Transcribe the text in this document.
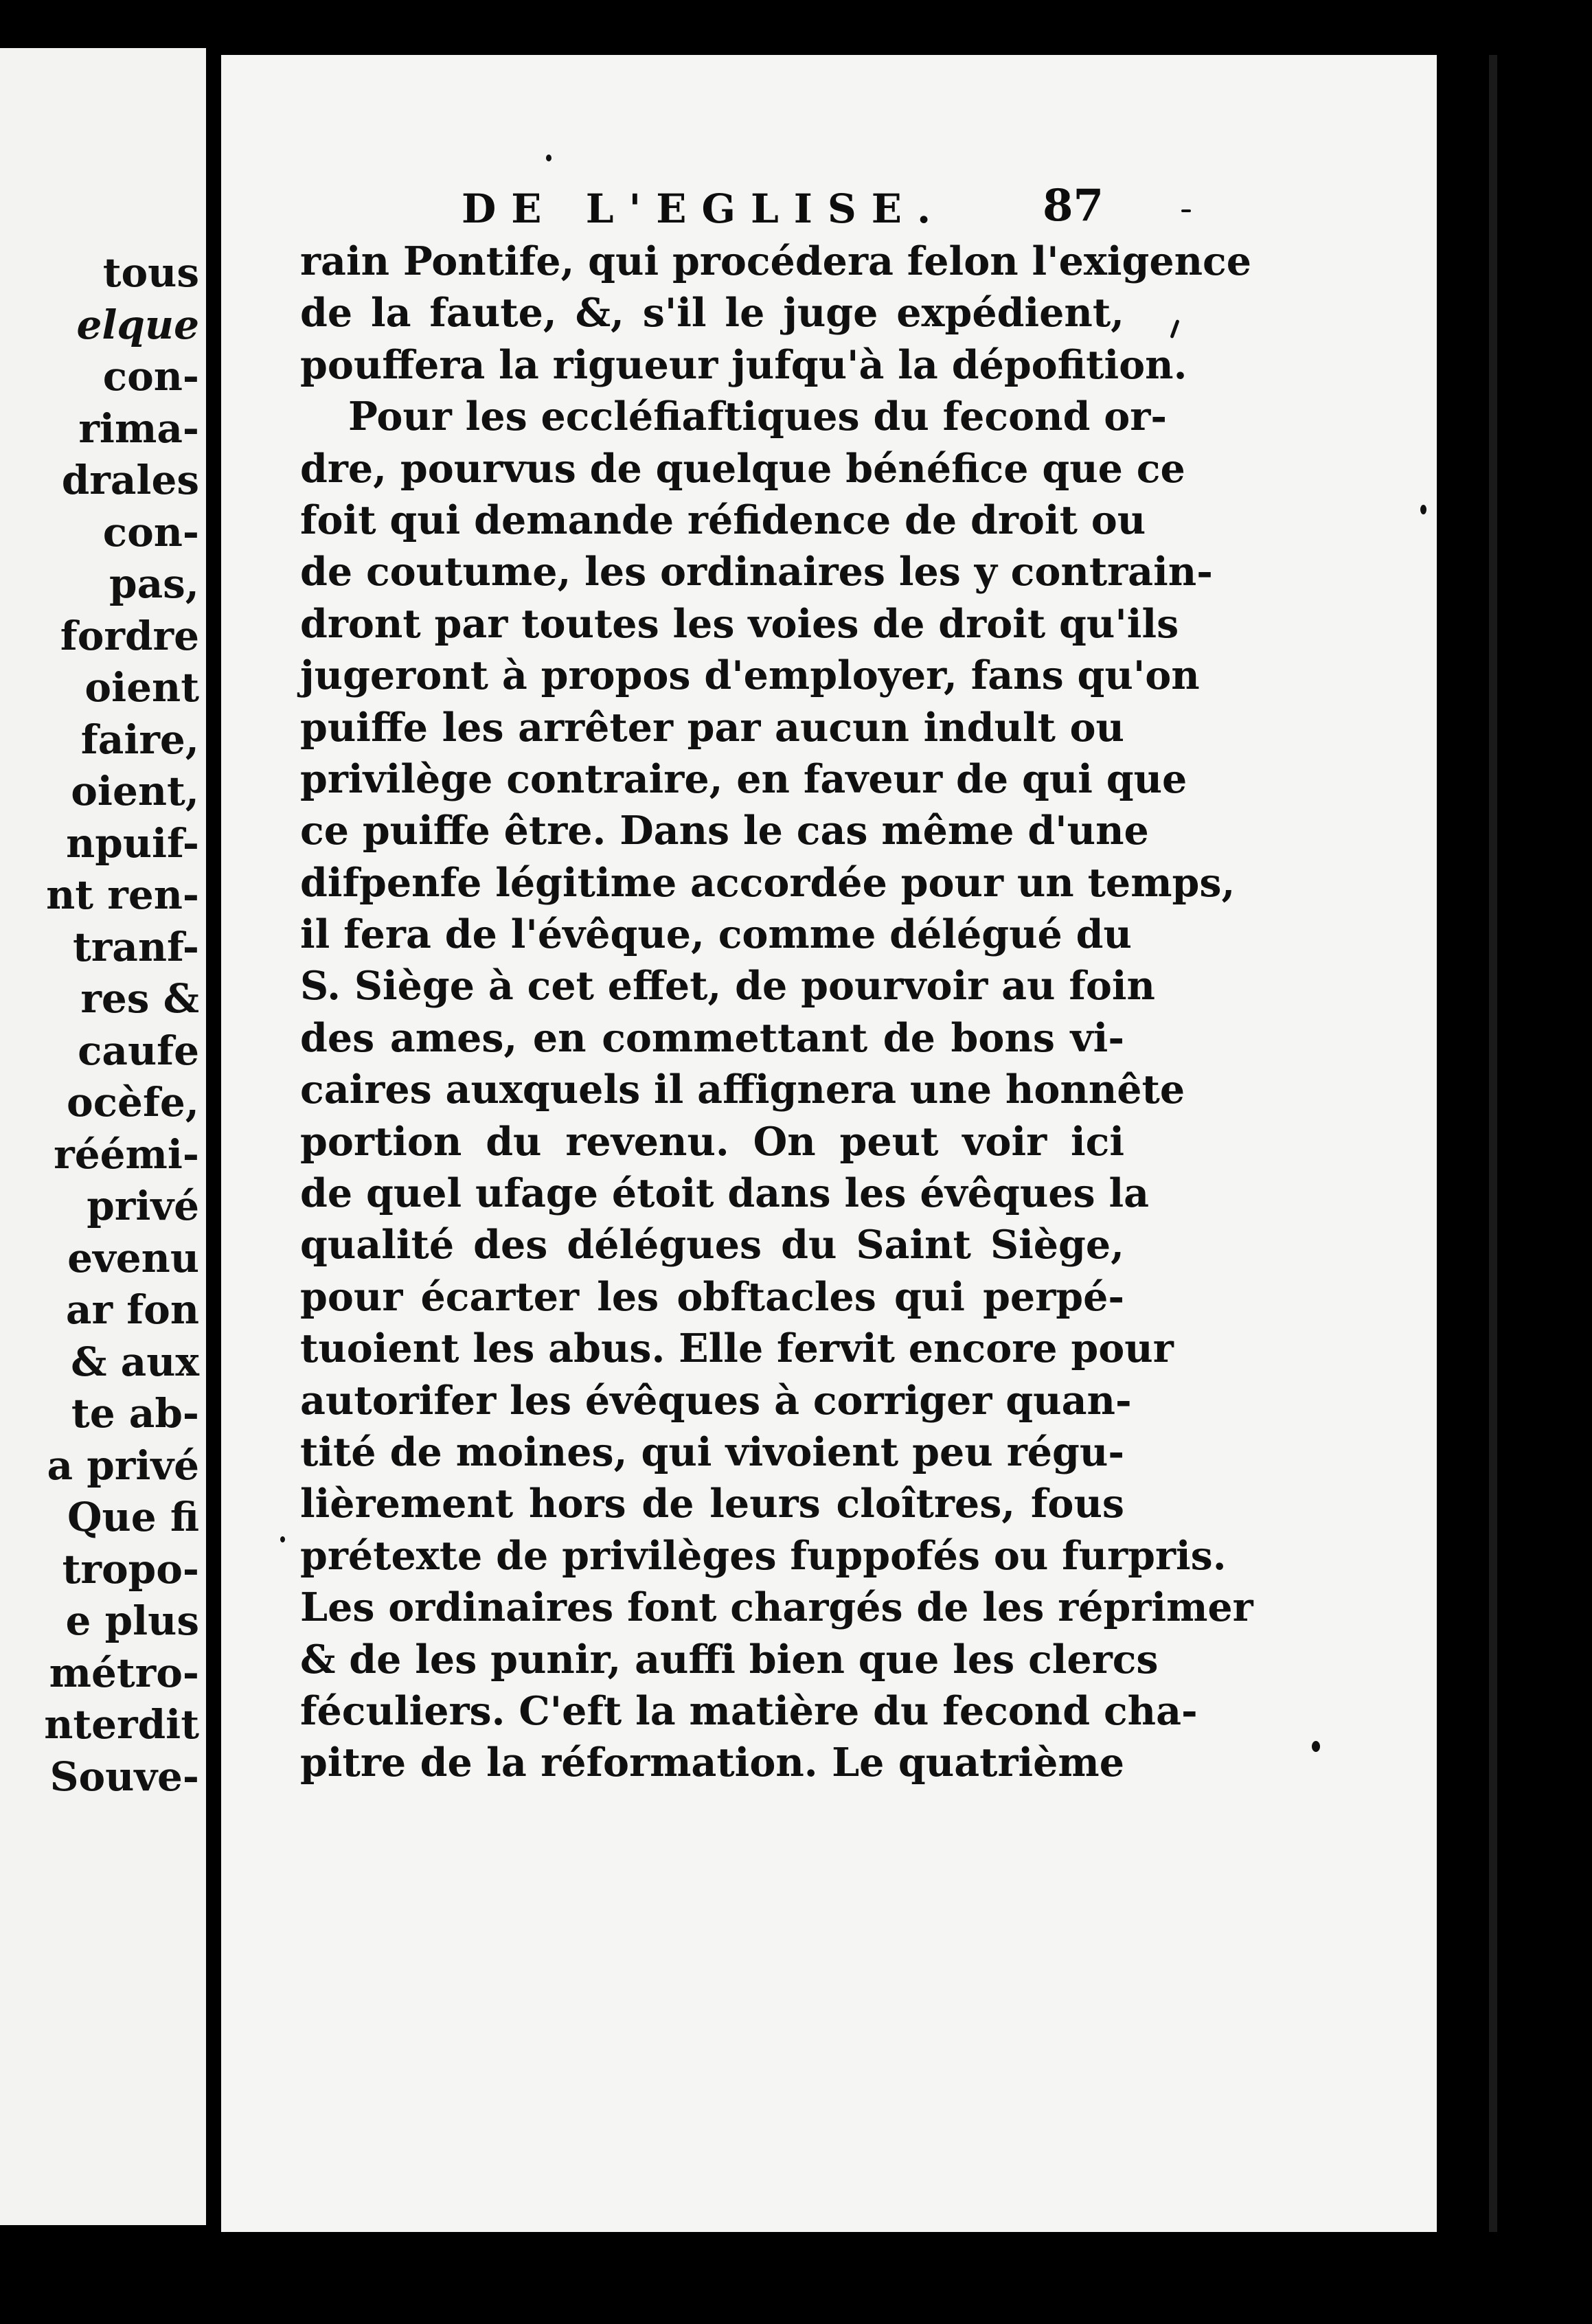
tous
elque
con-
rima-
drales
con-
pas,
fordre
oient
faire,
oient,
npuif-
nt ren-
tranf-
res &
caufe
ocèfe,
réémi-
privé
evenu
ar fon
& aux
te ab-
a privé
Que fi
tropo-
e plus
métro-
nterdit
Souve-
DE L'EGLISE. 87
rain Pontife, qui procédera felon l'exigence
de la faute, &, s'il le juge expédient,
pouffera la rigueur jufqu'à la dépofition.
Pour les eccléfiaftiques du fecond or-
dre, pourvus de quelque bénéfice que ce
foit qui demande réfidence de droit ou
de coutume, les ordinaires les y contrain-
dront par toutes les voies de droit qu'ils
jugeront à propos d'employer, fans qu'on
puiffe les arrêter par aucun indult ou
privilège contraire, en faveur de qui que
ce puiffe être. Dans le cas même d'une
difpenfe légitime accordée pour un temps,
il fera de l'évêque, comme délégué du
S. Siège à cet effet, de pourvoir au foin
des ames, en commettant de bons vi-
caires auxquels il affignera une honnête
portion du revenu. On peut voir ici
de quel ufage étoit dans les évêques la
qualité des délégues du Saint Siège,
pour écarter les obftacles qui perpé-
tuoient les abus. Elle fervit encore pour
autorifer les évêques à corriger quan-
tité de moines, qui vivoient peu régu-
lièrement hors de leurs cloîtres, fous
prétexte de privilèges fuppofés ou furpris.
Les ordinaires font chargés de les réprimer
& de les punir, auffi bien que les clercs
féculiers. C'eft la matière du fecond cha-
pitre de la réformation. Le quatrième
